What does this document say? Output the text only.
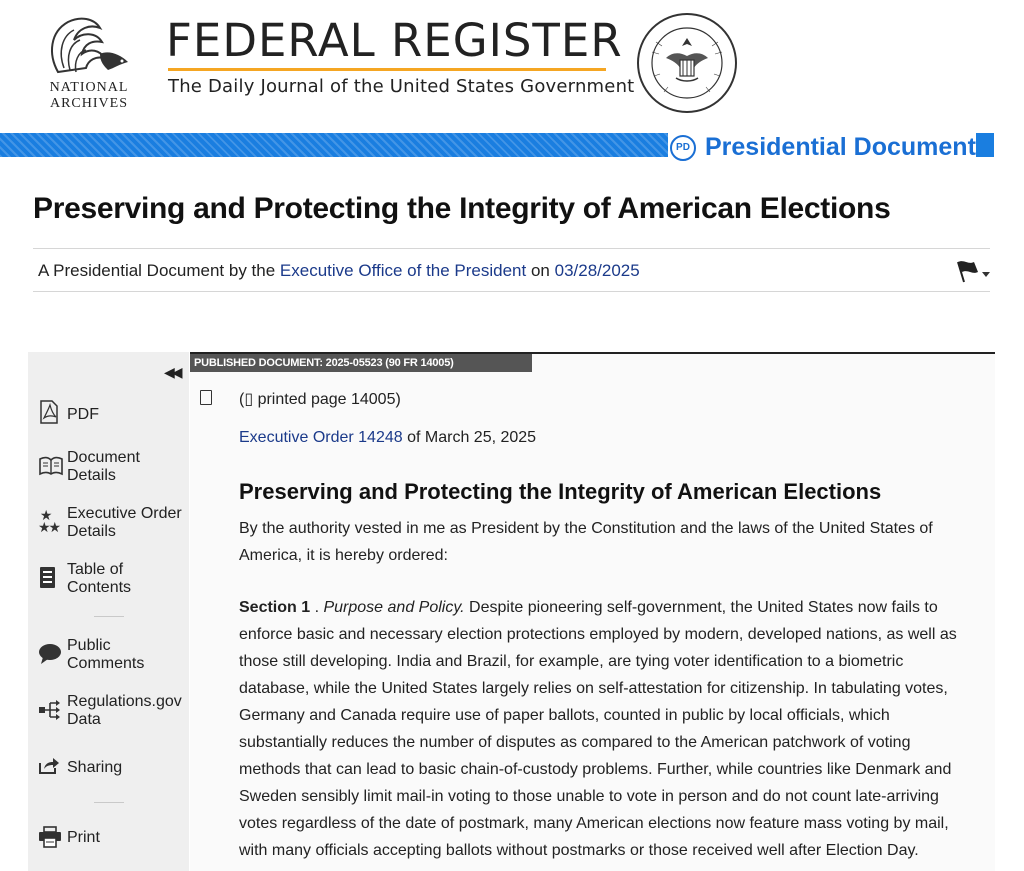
NATIONAL
ARCHIVES
FEDERAL REGISTER
The Daily Journal of the United States Government
PD Presidential Document
Preserving and Protecting the Integrity of American Elections
A Presidential Document by the Executive Office of the President on 03/28/2025
◀◀
PDF
Document
Details
★
★★
Executive Order
Details
Table of
Contents
Public
Comments
Regulations.gov
Data
Sharing
Print
PUBLISHED DOCUMENT: 2025-05523 (90 FR 14005)
(▯ printed page 14005)
Executive Order 14248 of March 25, 2025
Preserving and Protecting the Integrity of American Elections
By the authority vested in me as President by the Constitution and the laws of the United States of
America, it is hereby ordered:
Section 1 . Purpose and Policy. Despite pioneering self-government, the United States now fails to
enforce basic and necessary election protections employed by modern, developed nations, as well as
those still developing. India and Brazil, for example, are tying voter identification to a biometric
database, while the United States largely relies on self-attestation for citizenship. In tabulating votes,
Germany and Canada require use of paper ballots, counted in public by local officials, which
substantially reduces the number of disputes as compared to the American patchwork of voting
methods that can lead to basic chain-of-custody problems. Further, while countries like Denmark and
Sweden sensibly limit mail-in voting to those unable to vote in person and do not count late-arriving
votes regardless of the date of postmark, many American elections now feature mass voting by mail,
with many officials accepting ballots without postmarks or those received well after Election Day.
